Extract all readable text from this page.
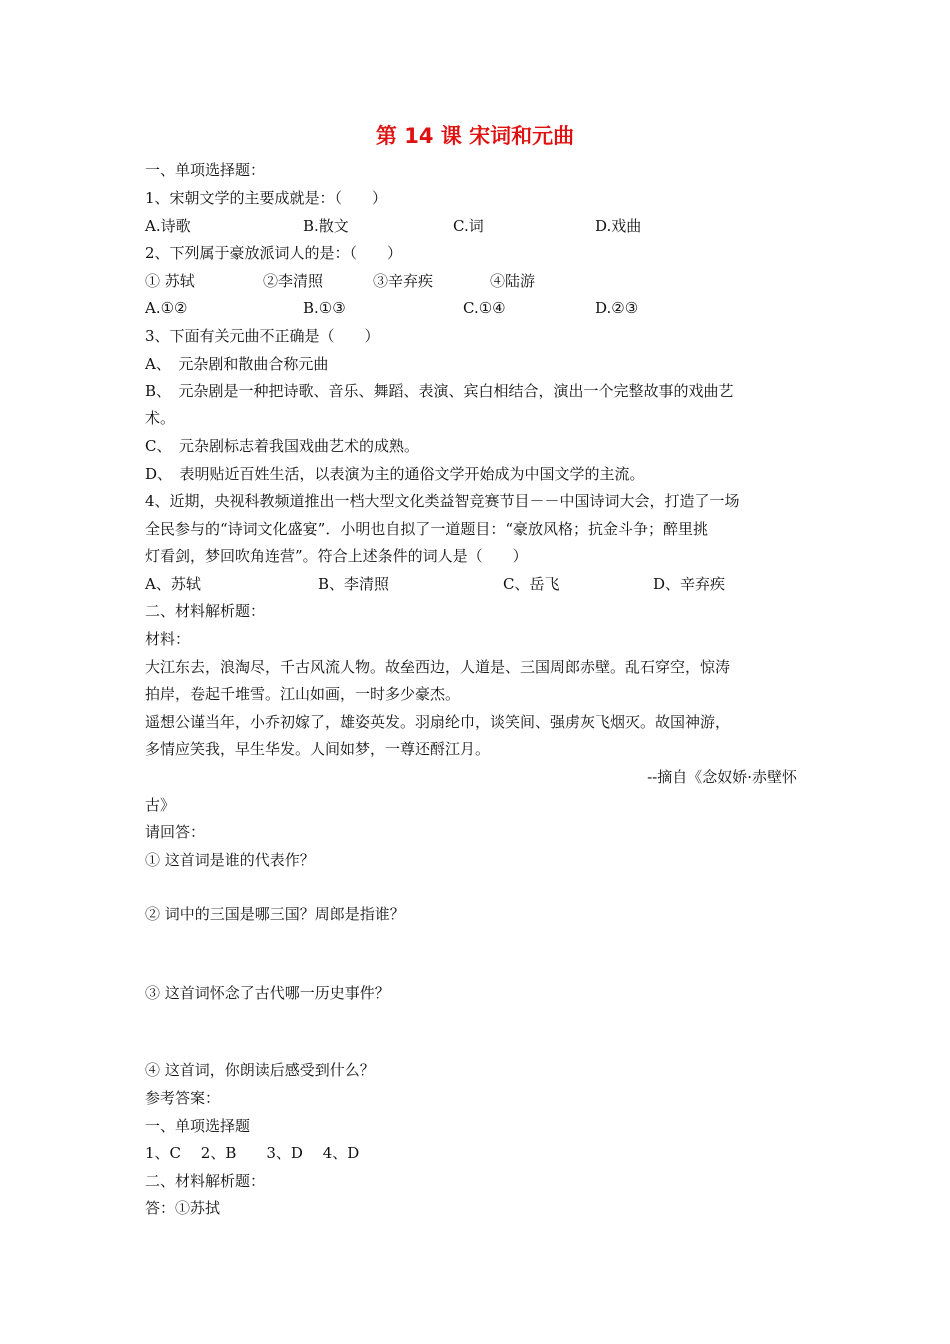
第 14 课 宋词和元曲
一、单项选择题：
1、宋朝文学的主要成就是：（　　）
A.诗歌	B.散文	C.词	D.戏曲
2、下列属于豪放派词人的是：（　　）
① 苏轼	②李清照	③辛弃疾	④陆游
A.①②	B.①③	C.①④	D.②③
3、下面有关元曲不正确是（　　）
A、　元杂剧和散曲合称元曲
B、　元杂剧是一种把诗歌、音乐、舞蹈、表演、宾白相结合，演出一个完整故事的戏曲艺
术。
C、　元杂剧标志着我国戏曲艺术的成熟。
D、　表明贴近百姓生活，以表演为主的通俗文学开始成为中国文学的主流。
4、近期，央视科教频道推出一档大型文化类益智竞赛节目－－中国诗词大会，打造了一场
全民参与的“诗词文化盛宴”．小明也自拟了一道题目：“豪放风格；抗金斗争；醉里挑
灯看剑，梦回吹角连营”。符合上述条件的词人是（　　）
A、苏轼	B、李清照	C、岳飞	D、辛弃疾
二、材料解析题：
材料：
大江东去，浪淘尽，千古风流人物。故垒西边，人道是、三国周郎赤壁。乱石穿空，惊涛
拍岸，卷起千堆雪。江山如画，一时多少豪杰。
遥想公谨当年，小乔初嫁了，雄姿英发。羽扇纶巾，谈笑间、强虏灰飞烟灭。故国神游，
多情应笑我，早生华发。人间如梦，一尊还酹江月。
--摘自《念奴娇·赤壁怀
古》
请回答：
① 这首词是谁的代表作？
② 词中的三国是哪三国？周郎是指谁？
③ 这首词怀念了古代哪一历史事件？
④ 这首词，你朗读后感受到什么？
参考答案：
一、单项选择题
1、C　 2、B　　3、D　 4、D
二、材料解析题：
答：①苏拭
